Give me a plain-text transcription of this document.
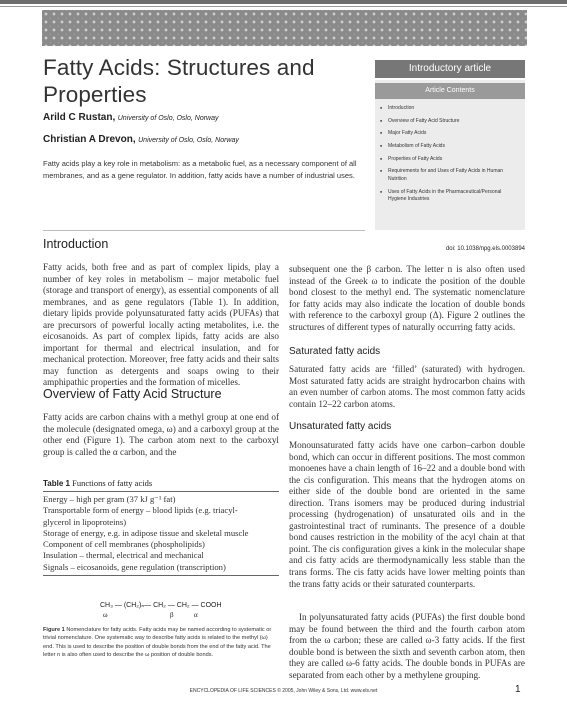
Fatty Acids: Structures and Properties
Arild C Rustan, University of Oslo, Oslo, Norway
Christian A Drevon, University of Oslo, Oslo, Norway
Fatty acids play a key role in metabolism: as a metabolic fuel, as a necessary component of all membranes, and as a gene regulator. In addition, fatty acids have a number of industrial uses.
Introductory article
Article Contents
■ Introduction
■ Overview of Fatty Acid Structure
■ Major Fatty Acids
■ Metabolism of Fatty Acids
■ Properties of Fatty Acids
■ Requirements for and Uses of Fatty Acids in Human Nutrition
■ Uses of Fatty Acids in the Pharmaceutical/Personal Hygiene Industries
doi: 10.1038/npg.els.0003894
Introduction
Fatty acids, both free and as part of complex lipids, play a number of key roles in metabolism – major metabolic fuel (storage and transport of energy), as essential components of all membranes, and as gene regulators (Table 1). In addition, dietary lipids provide polyunsaturated fatty acids (PUFAs) that are precursors of powerful locally acting metabolites, i.e. the eicosanoids. As part of complex lipids, fatty acids are also important for thermal and electrical insulation, and for mechanical protection. Moreover, free fatty acids and their salts may function as detergents and soaps owing to their amphipathic properties and the formation of micelles.
Overview of Fatty Acid Structure
Fatty acids are carbon chains with a methyl group at one end of the molecule (designated omega, ω) and a carboxyl group at the other end (Figure 1). The carbon atom next to the carboxyl group is called the α carbon, and the
Table 1 Functions of fatty acids
Energy – high per gram (37 kJ g⁻¹ fat)
Transportable form of energy – blood lipids (e.g. triacyl-
glycerol in lipoproteins)
Storage of energy, e.g. in adipose tissue and skeletal muscle
Component of cell membranes (phospholipids)
Insulation – thermal, electrical and mechanical
Signals – eicosanoids, gene regulation (transcription)
CH₃ — (CH₂)ₙ— CH₂ — CH₂ — COOH
ω	β	α
Figure 1 Nomenclature for fatty acids. Fatty acids may be named according to systematic or trivial nomenclature. One systematic way to describe fatty acids is related to the methyl (ω) end. This is used to describe the position of double bonds from the end of the fatty acid. The letter n is also often used to describe the ω position of double bonds.
subsequent one the β carbon. The letter n is also often used instead of the Greek ω to indicate the position of the double bond closest to the methyl end. The systematic nomenclature for fatty acids may also indicate the location of double bonds with reference to the carboxyl group (Δ). Figure 2 outlines the structures of different types of naturally occurring fatty acids.
Saturated fatty acids
Saturated fatty acids are ‘filled’ (saturated) with hydrogen. Most saturated fatty acids are straight hydrocarbon chains with an even number of carbon atoms. The most common fatty acids contain 12–22 carbon atoms.
Unsaturated fatty acids
Monounsaturated fatty acids have one carbon–carbon double bond, which can occur in different positions. The most common monoenes have a chain length of 16–22 and a double bond with the cis configuration. This means that the hydrogen atoms on either side of the double bond are oriented in the same direction. Trans isomers may be produced during industrial processing (hydrogenation) of unsaturated oils and in the gastrointestinal tract of ruminants. The presence of a double bond causes restriction in the mobility of the acyl chain at that point. The cis configuration gives a kink in the molecular shape and cis fatty acids are thermodynamically less stable than the trans forms. The cis fatty acids have lower melting points than the trans fatty acids or their saturated counterparts.
In polyunsaturated fatty acids (PUFAs) the first double bond may be found between the third and the fourth carbon atom from the ω carbon; these are called ω-3 fatty acids. If the first double bond is between the sixth and seventh carbon atom, then they are called ω-6 fatty acids. The double bonds in PUFAs are separated from each other by a methylene grouping.
ENCYCLOPEDIA OF LIFE SCIENCES © 2005, John Wiley & Sons, Ltd. www.els.net	1
